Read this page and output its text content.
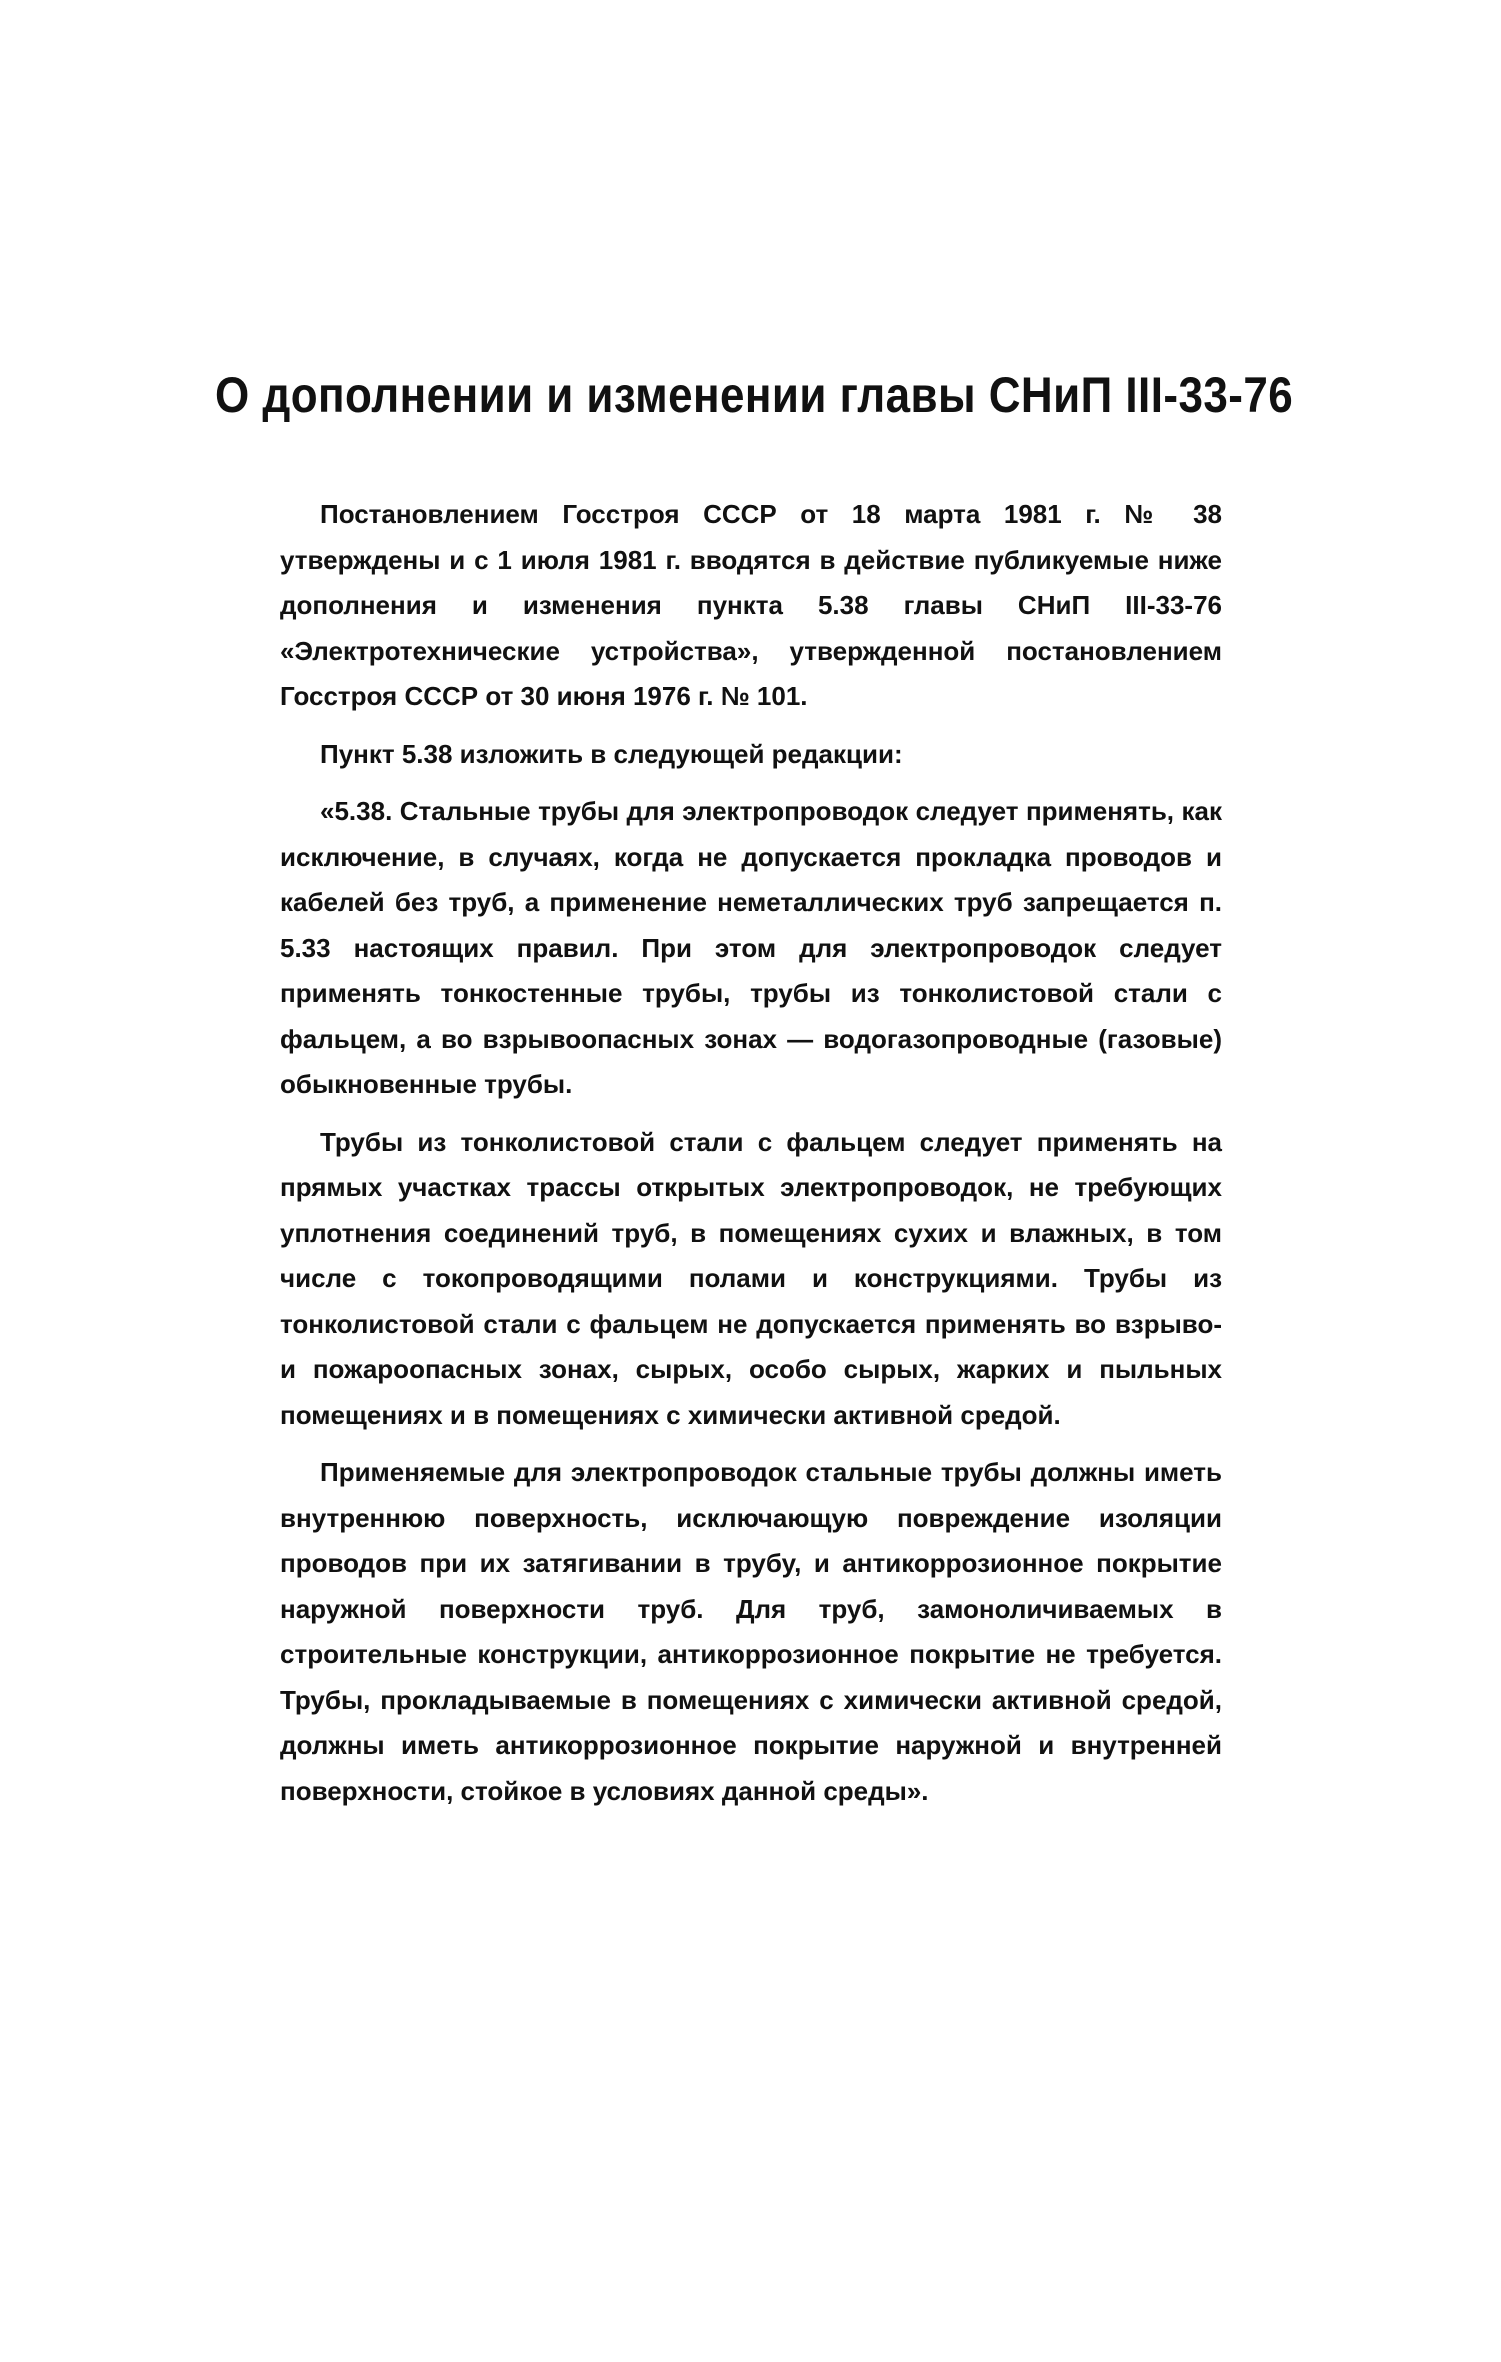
О дополнении и изменении главы СНиП III-33-76

Постановлением Госстроя СССР от 18 марта 1981 г. № 38 утверждены и с 1 июля 1981 г. вводятся в действие публикуемые ниже дополнения и изменения пункта 5.38 главы СНиП III-33-76 «Электротехнические устройства», утвержденной постановлением Госстроя СССР от 30 июня 1976 г. № 101.

Пункт 5.38 изложить в следующей редакции:

«5.38. Стальные трубы для электропроводок следует применять, как исключение, в случаях, когда не допускается прокладка проводов и кабелей без труб, а применение неметаллических труб запрещается п. 5.33 настоящих правил. При этом для электропроводок следует применять тонкостенные трубы, трубы из тонколистовой стали с фальцем, а во взрывоопасных зонах — водогазопроводные (газовые) обыкновенные трубы.

Трубы из тонколистовой стали с фальцем следует применять на прямых участках трассы открытых электропроводок, не требующих уплотнения соединений труб, в помещениях сухих и влажных, в том числе с токопроводящими полами и конструкциями. Трубы из тонколистовой стали с фальцем не допускается применять во взрыво- и пожароопасных зонах, сырых, особо сырых, жарких и пыльных помещениях и в помещениях с химически активной средой.

Применяемые для электропроводок стальные трубы должны иметь внутреннюю поверхность, исключающую повреждение изоляции проводов при их затягивании в трубу, и антикоррозионное покрытие наружной поверхности труб. Для труб, замоноличиваемых в строительные конструкции, антикоррозионное покрытие не требуется. Трубы, прокладываемые в помещениях с химически активной средой, должны иметь антикоррозионное покрытие наружной и внутренней поверхности, стойкое в условиях данной среды».
